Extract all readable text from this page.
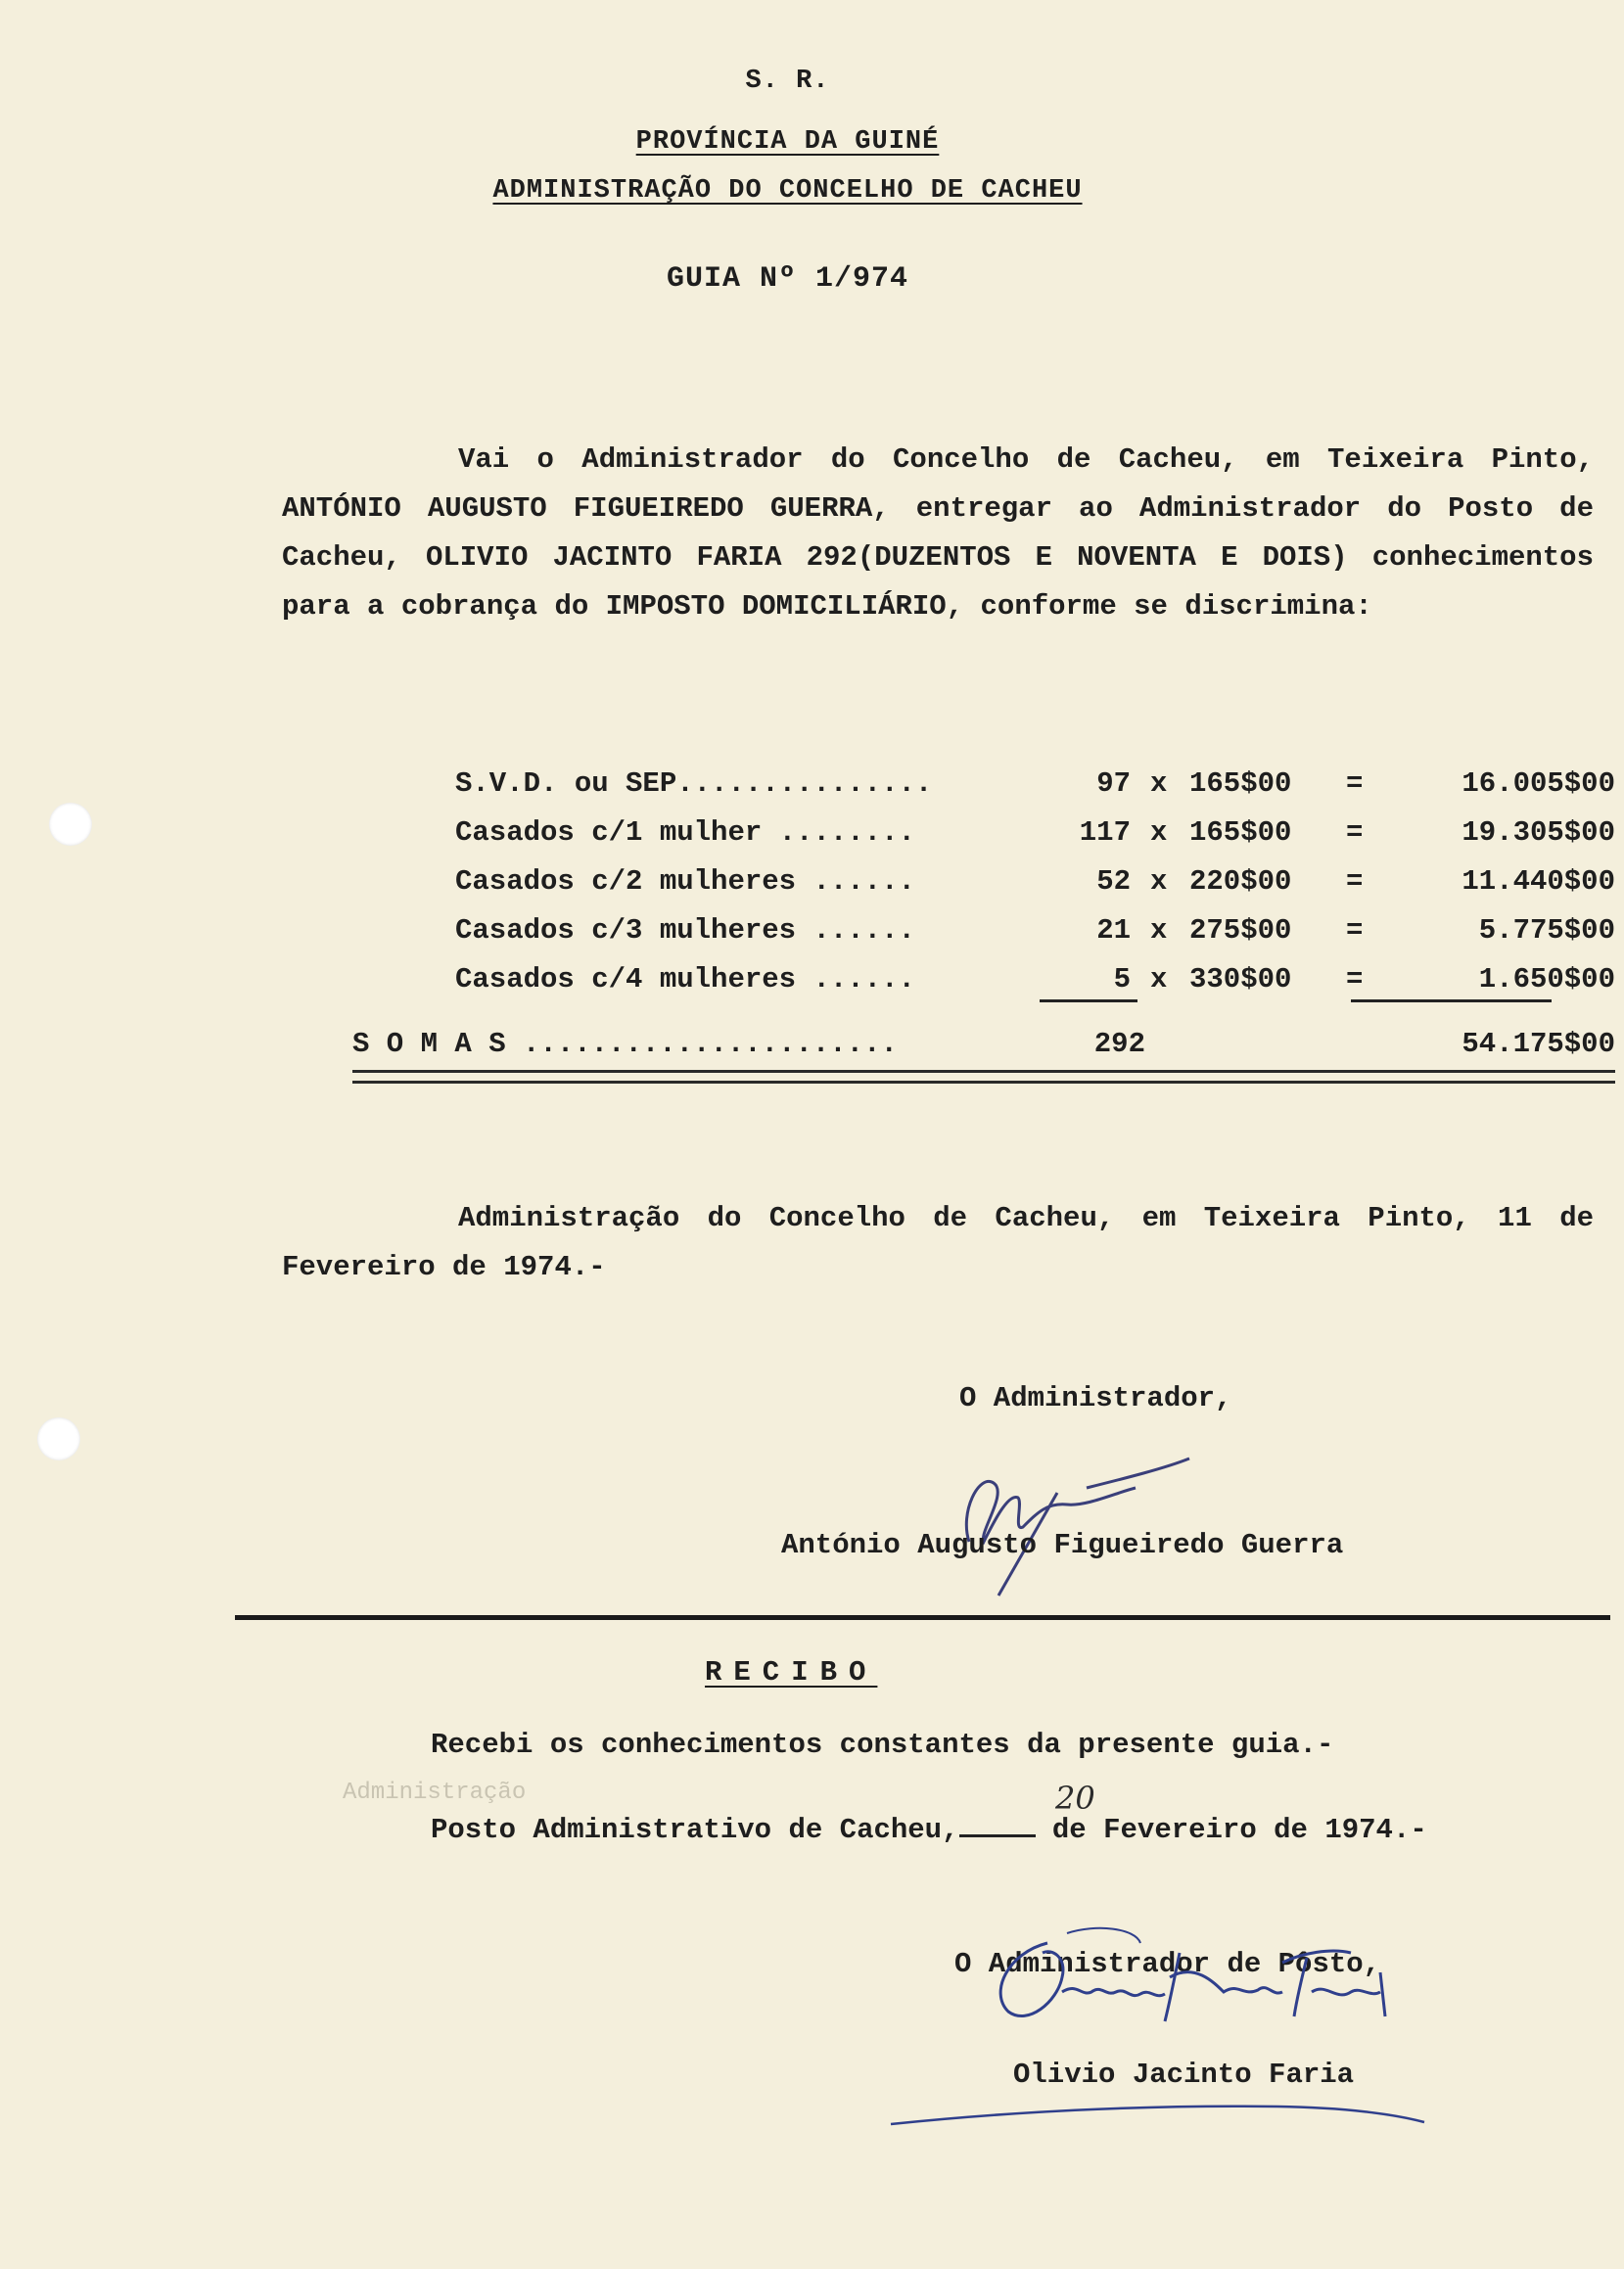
S. R.
PROVÍNCIA DA GUINÉ
ADMINISTRAÇÃO DO CONCELHO DE CACHEU
GUIA Nº 1/974
Vai o Administrador do Concelho de Cacheu, em Teixeira Pinto, ANTÓNIO AUGUSTO FIGUEIREDO GUERRA, entregar ao Administrador do Posto de Cacheu, OLIVIO JACINTO FARIA 292(DUZENTOS E NOVENTA E DOIS) conhecimentos para a cobrança do IMPOSTO DOMICILIÁRIO, conforme se discrimina:
S.V.D. ou SEP...............	97 x 165$00	=	16.005$00
Casados c/1 mulher ........	117 x 165$00	=	19.305$00
Casados c/2 mulheres ......	52 x 220$00	=	11.440$00
Casados c/3 mulheres ......	21 x 275$00	=	5.775$00
Casados c/4 mulheres ......	5 x 330$00	=	1.650$00
S O M A S ......................	292	54.175$00
Administração do Concelho de Cacheu, em Teixeira Pinto, 11 de Fevereiro de 1974.-
O Administrador,
António Augusto Figueiredo Guerra
RECIBO
Recebi os conhecimentos constantes da presente guia.-
Administração
Posto Administrativo de Cacheu,	de Fevereiro de 1974.-
20
O Administrador de Pôsto,
Olivio Jacinto Faria
